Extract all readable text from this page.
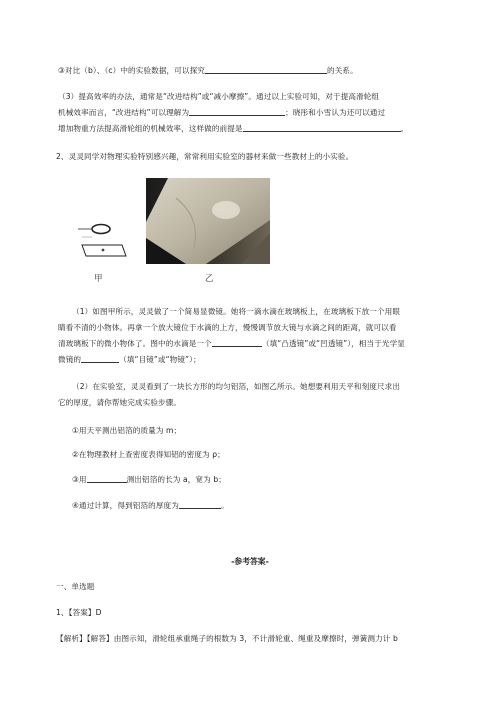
③对比（b）、（c）中的实验数据，可以探究	的关系。
（3）提高效率的办法，通常是“改进结构”或“减小摩擦”。通过以上实验可知，对于提高滑轮组
机械效率而言，“改进结构”可以理解为	；晓彤和小雪认为还可以通过
增加物重方法提高滑轮组的机械效率，这样做的前提是	。
2、灵灵同学对物理实验特别感兴趣，常常利用实验室的器材来做一些教材上的小实验。
甲	乙
（1）如图甲所示，灵灵做了一个简易显微镜。她将一滴水滴在玻璃板上，在玻璃板下放一个用眼
睛看不清的小物体。再拿一个放大镜位于水滴的上方，慢慢调节放大镜与水滴之间的距离，就可以看
清玻璃板下的微小物体了。图中的水滴是一个	（填“凸透镜”或“凹透镜”），相当于光学显
微镜的	（填“目镜”或“物镜”）；
（2）在实验室，灵灵看到了一块长方形的均匀铝箔，如图乙所示。她想要利用天平和刻度尺求出
它的厚度，请你帮她完成实验步骤。
①用天平测出铝箔的质量为 m；
②在物理教材上查密度表得知铝的密度为 ρ；
③用	测出铝箔的长为 a，宽为 b；
④通过计算，得到铝箔的厚度为	。
-参考答案-
一、单选题
1、【答案】D
【解析】【解答】由图示知，滑轮组承重绳子的根数为 3，不计滑轮重、绳重及摩擦时，弹簧测力计 b
